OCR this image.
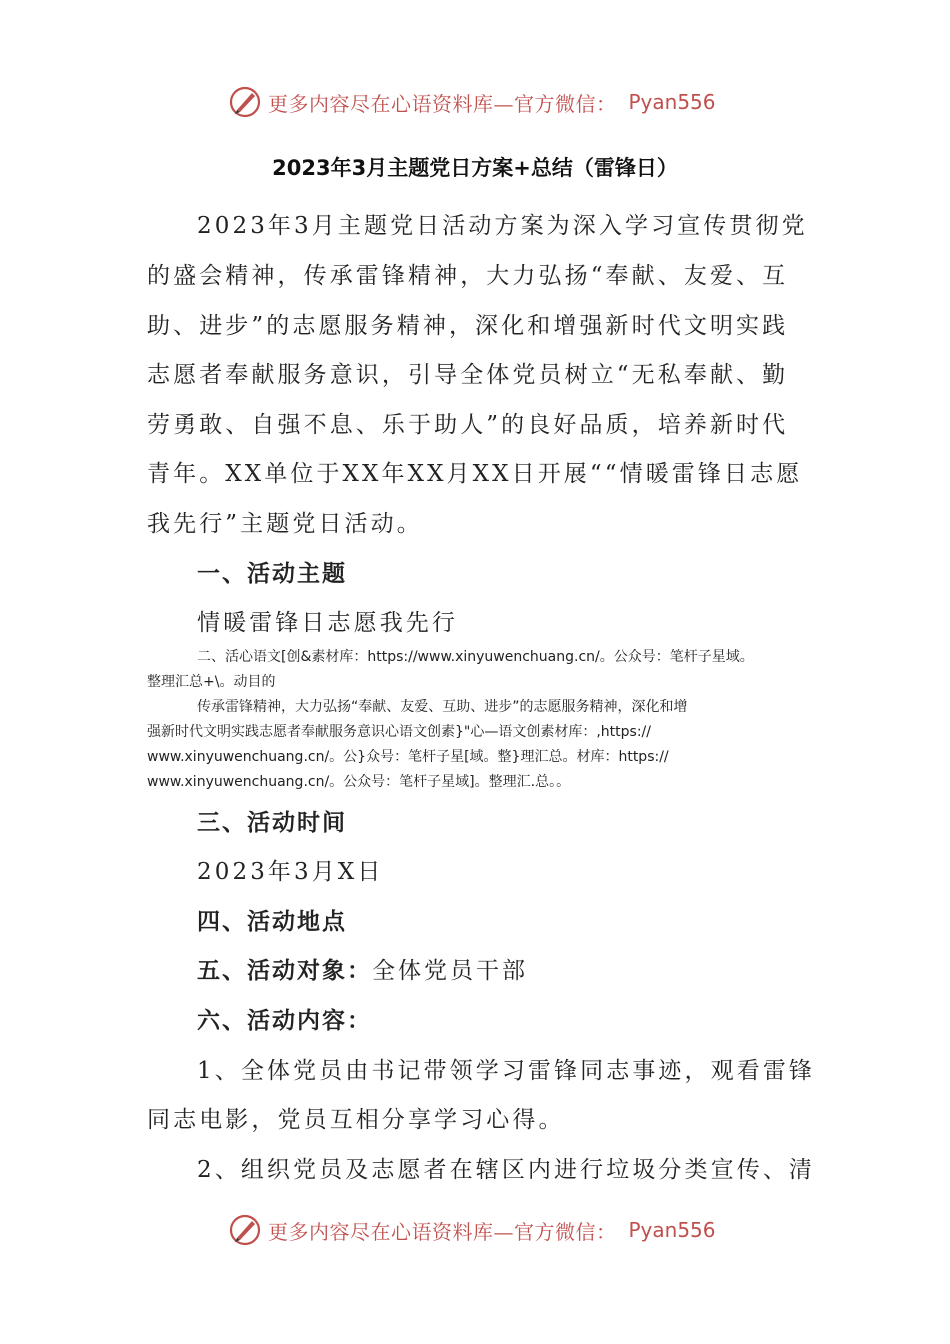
更多内容尽在心语资料库—官方微信： Pyan556
2023年3月主题党日方案+总结（雷锋日）
2023年3月主题党日活动方案为深入学习宣传贯彻党
的盛会精神，传承雷锋精神，大力弘扬“奉献、友爱、互
助、进步”的志愿服务精神，深化和增强新时代文明实践
志愿者奉献服务意识，引导全体党员树立“无私奉献、勤
劳勇敢、自强不息、乐于助人”的良好品质，培养新时代
青年。XX单位于XX年XX月XX日开展““情暖雷锋日志愿
我先行”主题党日活动。
一、活动主题
情暖雷锋日志愿我先行
二、活心语文[创&素材库：https://www.xinyuwenchuang.cn/。公众号：笔杆子星域。
整理汇总+\。动目的
传承雷锋精神，大力弘扬“奉献、友爱、互助、进步”的志愿服务精神，深化和增
强新时代文明实践志愿者奉献服务意识心语文创素}"心—语文创素材库：,https://
www.xinyuwenchuang.cn/。公}众号：笔杆子星[域。整}理汇总。材库：https://
www.xinyuwenchuang.cn/。公众号：笔杆子星域]。整理汇.总。。
三、活动时间
2023年3月X日
四、活动地点
五、活动对象：全体党员干部
六、活动内容：
1、全体党员由书记带领学习雷锋同志事迹，观看雷锋
同志电影，党员互相分享学习心得。
2、组织党员及志愿者在辖区内进行垃圾分类宣传、清
更多内容尽在心语资料库—官方微信： Pyan556
